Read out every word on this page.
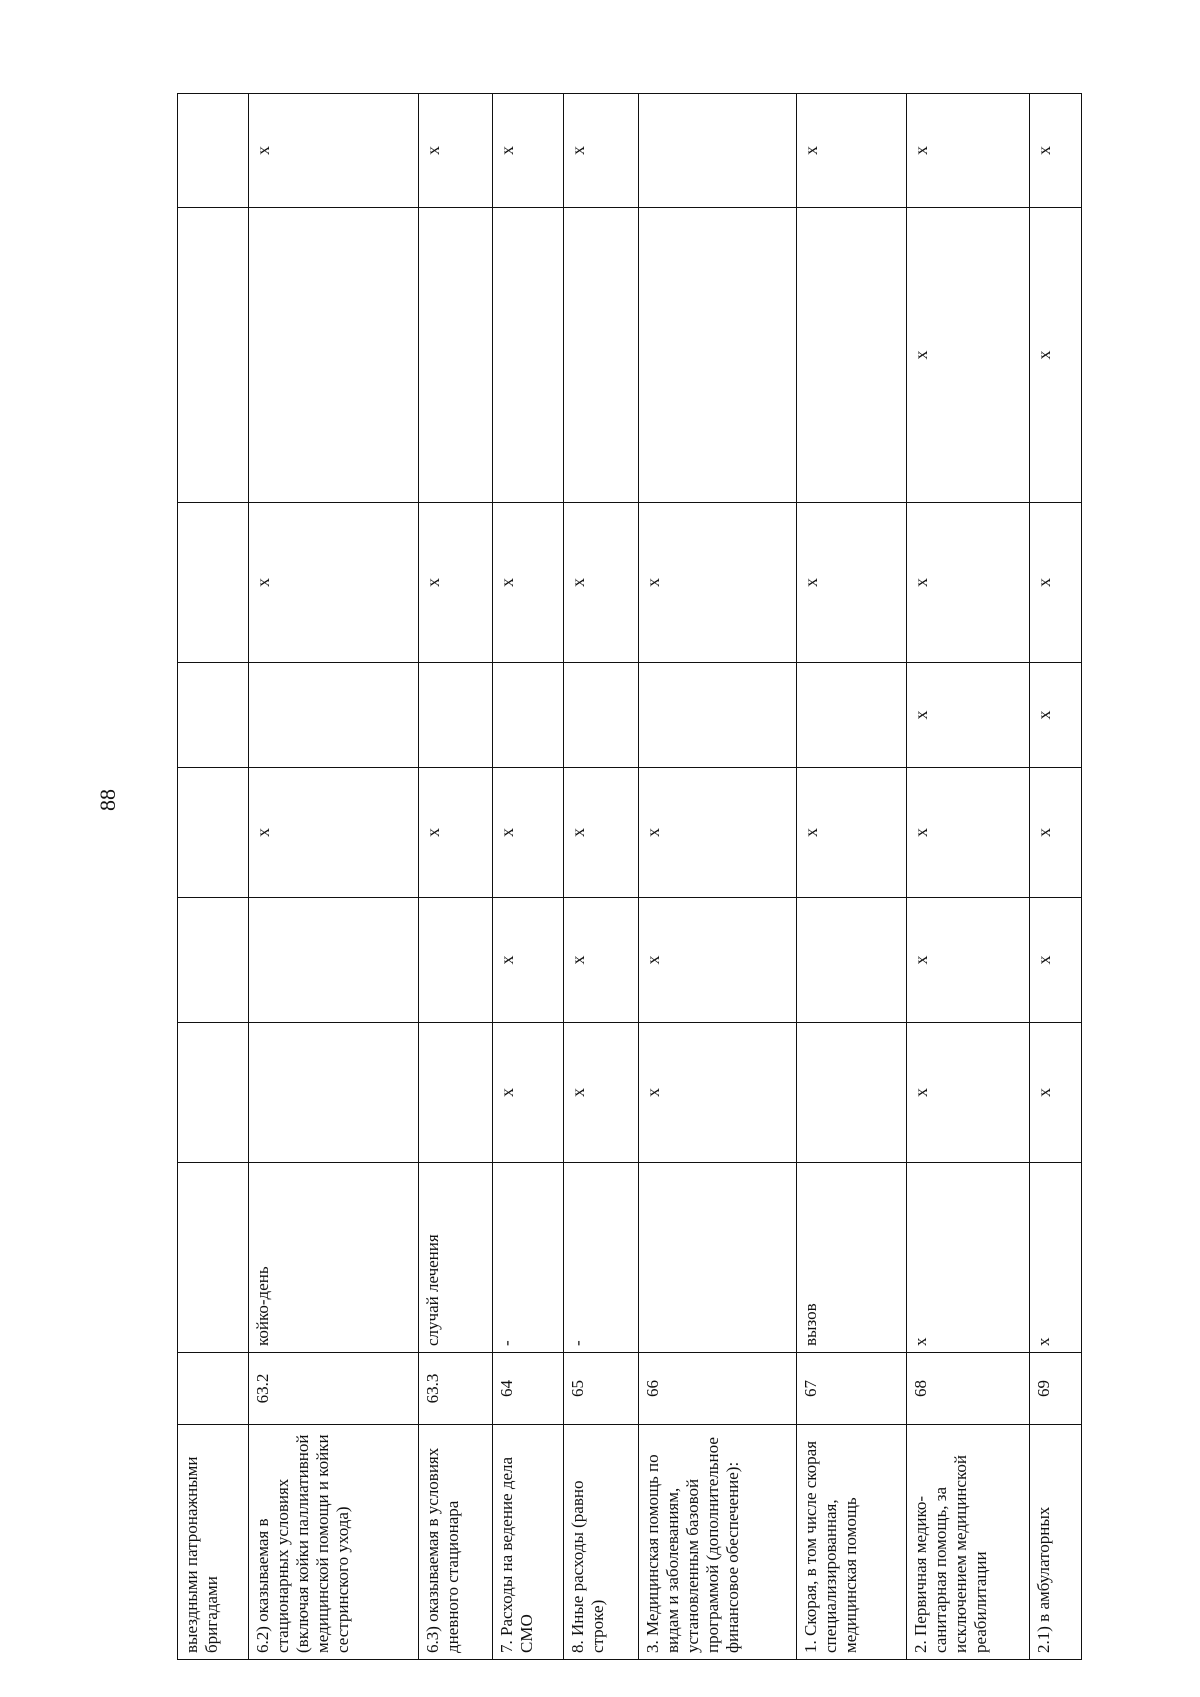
88
выездными патронажными бригадами									
6.2) оказываемая в стационарных условиях (включая койки паллиативной медицинской помощи и койки сестринского ухода)	63.2	койко-день			x		x		x
6.3) оказываемая в условиях дневного стационара	63.3	случай лечения			x		x		x
7. Расходы на ведение дела СМО	64	-	x	x	x		x		x
8. Иные расходы (равно строке)	65	-	x	x	x		x		x
3. Медицинская помощь по видам и заболеваниям, установленным базовой программой (дополнительное финансовое обеспечение):	66		x	x	x		x		
1. Скорая, в том числе скорая специализированная, медицинская помощь	67	вызов			x		x		x
2. Первичная медико-санитарная помощь, за исключением медицинской реабилитации	68	x	x	x	x	x	x	x	x
2.1) в амбулаторных	69	x	x	x	x	x	x	x	x
